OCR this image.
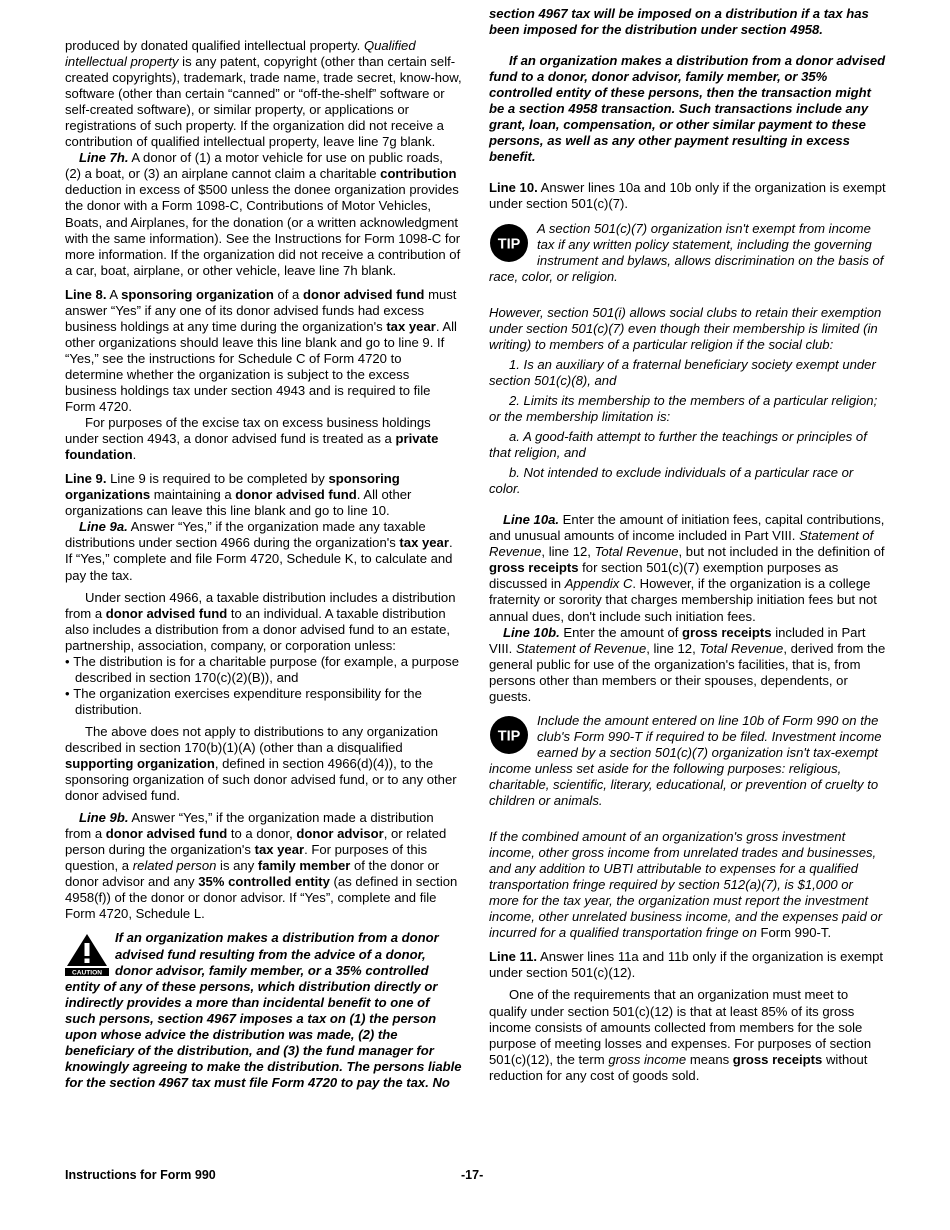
produced by donated qualified intellectual property. Qualified intellectual property is any patent, copyright (other than certain self-created copyrights), trademark, trade name, trade secret, know-how, software (other than certain “canned” or “off-the-shelf” software or self-created software), or similar property, or applications or registrations of such property. If the organization did not receive a contribution of qualified intellectual property, leave line 7g blank.

Line 7h. A donor of (1) a motor vehicle for use on public roads, (2) a boat, or (3) an airplane cannot claim a charitable contribution deduction in excess of $500 unless the donee organization provides the donor with a Form 1098-C, Contributions of Motor Vehicles, Boats, and Airplanes, for the donation (or a written acknowledgment with the same information). See the Instructions for Form 1098-C for more information. If the organization did not receive a contribution of a car, boat, airplane, or other vehicle, leave line 7h blank.

Line 8. A sponsoring organization of a donor advised fund must answer “Yes” if any one of its donor advised funds had excess business holdings at any time during the organization's tax year. All other organizations should leave this line blank and go to line 9. If “Yes,” see the instructions for Schedule C of Form 4720 to determine whether the organization is subject to the excess business holdings tax under section 4943 and is required to file Form 4720.

For purposes of the excise tax on excess business holdings under section 4943, a donor advised fund is treated as a private foundation.

Line 9. Line 9 is required to be completed by sponsoring organizations maintaining a donor advised fund. All other organizations can leave this line blank and go to line 10.

Line 9a. Answer “Yes,” if the organization made any taxable distributions under section 4966 during the organization's tax year. If “Yes,” complete and file Form 4720, Schedule K, to calculate and pay the tax.

Under section 4966, a taxable distribution includes a distribution from a donor advised fund to an individual. A taxable distribution also includes a distribution from a donor advised fund to an estate, partnership, association, company, or corporation unless:

• The distribution is for a charitable purpose (for example, a purpose described in section 170(c)(2)(B)), and

• The organization exercises expenditure responsibility for the distribution.

The above does not apply to distributions to any organization described in section 170(b)(1)(A) (other than a disqualified supporting organization, defined in section 4966(d)(4)), to the sponsoring organization of such donor advised fund, or to any other donor advised fund.

Line 9b. Answer “Yes,” if the organization made a distribution from a donor advised fund to a donor, donor advisor, or related person during the organization's tax year. For purposes of this question, a related person is any family member of the donor or donor advisor and any 35% controlled entity (as defined in section 4958(f)) of the donor or donor advisor. If “Yes”, complete and file Form 4720, Schedule L.

CAUTION

If an organization makes a distribution from a donor advised fund resulting from the advice of a donor, donor advisor, family member, or a 35% controlled entity of any of these persons, which distribution directly or indirectly provides a more than incidental benefit to one of such persons, section 4967 imposes a tax on (1) the person upon whose advice the distribution was made, (2) the beneficiary of the distribution, and (3) the fund manager for knowingly agreeing to make the distribution. The persons liable for the section 4967 tax must file Form 4720 to pay the tax. No

section 4967 tax will be imposed on a distribution if a tax has been imposed for the distribution under section 4958.

If an organization makes a distribution from a donor advised fund to a donor, donor advisor, family member, or 35% controlled entity of these persons, then the transaction might be a section 4958 transaction. Such transactions include any grant, loan, compensation, or other similar payment to these persons, as well as any other payment resulting in excess benefit.

Line 10. Answer lines 10a and 10b only if the organization is exempt under section 501(c)(7).

TIP

A section 501(c)(7) organization isn't exempt from income tax if any written policy statement, including the governing instrument and bylaws, allows discrimination on the basis of race, color, or religion.

However, section 501(i) allows social clubs to retain their exemption under section 501(c)(7) even though their membership is limited (in writing) to members of a particular religion if the social club:

1. Is an auxiliary of a fraternal beneficiary society exempt under section 501(c)(8), and

2. Limits its membership to the members of a particular religion; or the membership limitation is:

a. A good-faith attempt to further the teachings or principles of that religion, and

b. Not intended to exclude individuals of a particular race or color.

Line 10a. Enter the amount of initiation fees, capital contributions, and unusual amounts of income included in Part VIII. Statement of Revenue, line 12, Total Revenue, but not included in the definition of gross receipts for section 501(c)(7) exemption purposes as discussed in Appendix C. However, if the organization is a college fraternity or sorority that charges membership initiation fees but not annual dues, don't include such initiation fees.

Line 10b. Enter the amount of gross receipts included in Part VIII. Statement of Revenue, line 12, Total Revenue, derived from the general public for use of the organization's facilities, that is, from persons other than members or their spouses, dependents, or guests.

TIP

Include the amount entered on line 10b of Form 990 on the club's Form 990-T if required to be filed. Investment income earned by a section 501(c)(7) organization isn't tax-exempt income unless set aside for the following purposes: religious, charitable, scientific, literary, educational, or prevention of cruelty to children or animals.

If the combined amount of an organization's gross investment income, other gross income from unrelated trades and businesses, and any addition to UBTI attributable to expenses for a qualified transportation fringe required by section 512(a)(7), is $1,000 or more for the tax year, the organization must report the investment income, other unrelated business income, and the expenses paid or incurred for a qualified transportation fringe on Form 990-T.

Line 11. Answer lines 11a and 11b only if the organization is exempt under section 501(c)(12).

One of the requirements that an organization must meet to qualify under section 501(c)(12) is that at least 85% of its gross income consists of amounts collected from members for the sole purpose of meeting losses and expenses. For purposes of section 501(c)(12), the term gross income means gross receipts without reduction for any cost of goods sold.

Instructions for Form 990	-17-
